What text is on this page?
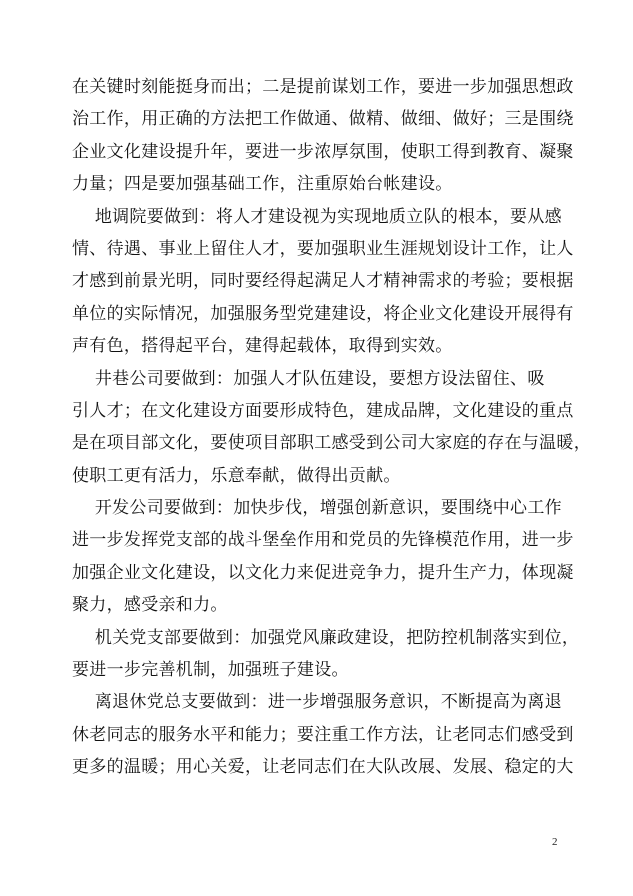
在关键时刻能挺身而出；二是提前谋划工作，要进一步加强思想政
治工作，用正确的方法把工作做通、做精、做细、做好；三是围绕
企业文化建设提升年，要进一步浓厚氛围，使职工得到教育、凝聚
力量；四是要加强基础工作，注重原始台帐建设。
地调院要做到：将人才建设视为实现地质立队的根本，要从感
情、待遇、事业上留住人才，要加强职业生涯规划设计工作，让人
才感到前景光明，同时要经得起满足人才精神需求的考验；要根据
单位的实际情况，加强服务型党建建设，将企业文化建设开展得有
声有色，搭得起平台，建得起载体，取得到实效。
井巷公司要做到：加强人才队伍建设，要想方设法留住、吸
引人才；在文化建设方面要形成特色，建成品牌，文化建设的重点
是在项目部文化，要使项目部职工感受到公司大家庭的存在与温暖，
使职工更有活力，乐意奉献，做得出贡献。
开发公司要做到：加快步伐，增强创新意识，要围绕中心工作
进一步发挥党支部的战斗堡垒作用和党员的先锋模范作用，进一步
加强企业文化建设，以文化力来促进竞争力，提升生产力，体现凝
聚力，感受亲和力。
机关党支部要做到：加强党风廉政建设，把防控机制落实到位，
要进一步完善机制，加强班子建设。
离退休党总支要做到：进一步增强服务意识，不断提高为离退
休老同志的服务水平和能力；要注重工作方法，让老同志们感受到
更多的温暖；用心关爱，让老同志们在大队改展、发展、稳定的大
2
